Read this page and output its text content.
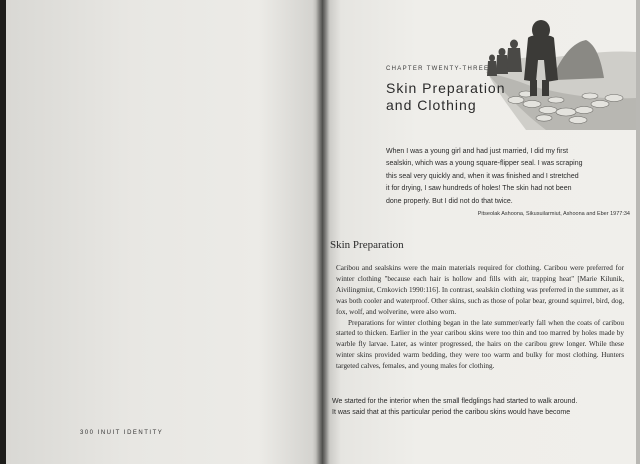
300 INUIT IDENTITY
CHAPTER TWENTY-THREE
Skin Preparation
and Clothing

When I was a young girl and had just married, I did my first

sealskin, which was a young square-flipper seal. I was scraping

this seal very quickly and, when it was finished and I stretched

it for drying, I saw hundreds of holes! The skin had not been

done properly. But I did not do that twice.

Pitseolak Ashoona, Sikusuilarmiut, Ashoona and Eber 1977:34
Skin Preparation

Caribou and sealskins were the main materials required for clothing. Caribou were preferred for winter clothing "because each hair is hollow and fills with air, trapping heat" [Marie Kilunik, Aivilingmiut, Crnkovich 1990:116]. In contrast, sealskin clothing was preferred in the summer, as it was both cooler and waterproof. Other skins, such as those of polar bear, ground squirrel, bird, dog, fox, wolf, and wolverine, were also worn.

Preparations for winter clothing began in the late summer/early fall when the coats of caribou started to thicken. Earlier in the year caribou skins were too thin and too marred by holes made by warble fly larvae. Later, as winter progressed, the hairs on the caribou grew longer. While these winter skins provided warm bedding, they were too warm and bulky for most clothing. Hunters targeted calves, females, and young males for clothing.

We started for the interior when the small fledglings had started to walk around.
It was said that at this particular period the caribou skins would have become
